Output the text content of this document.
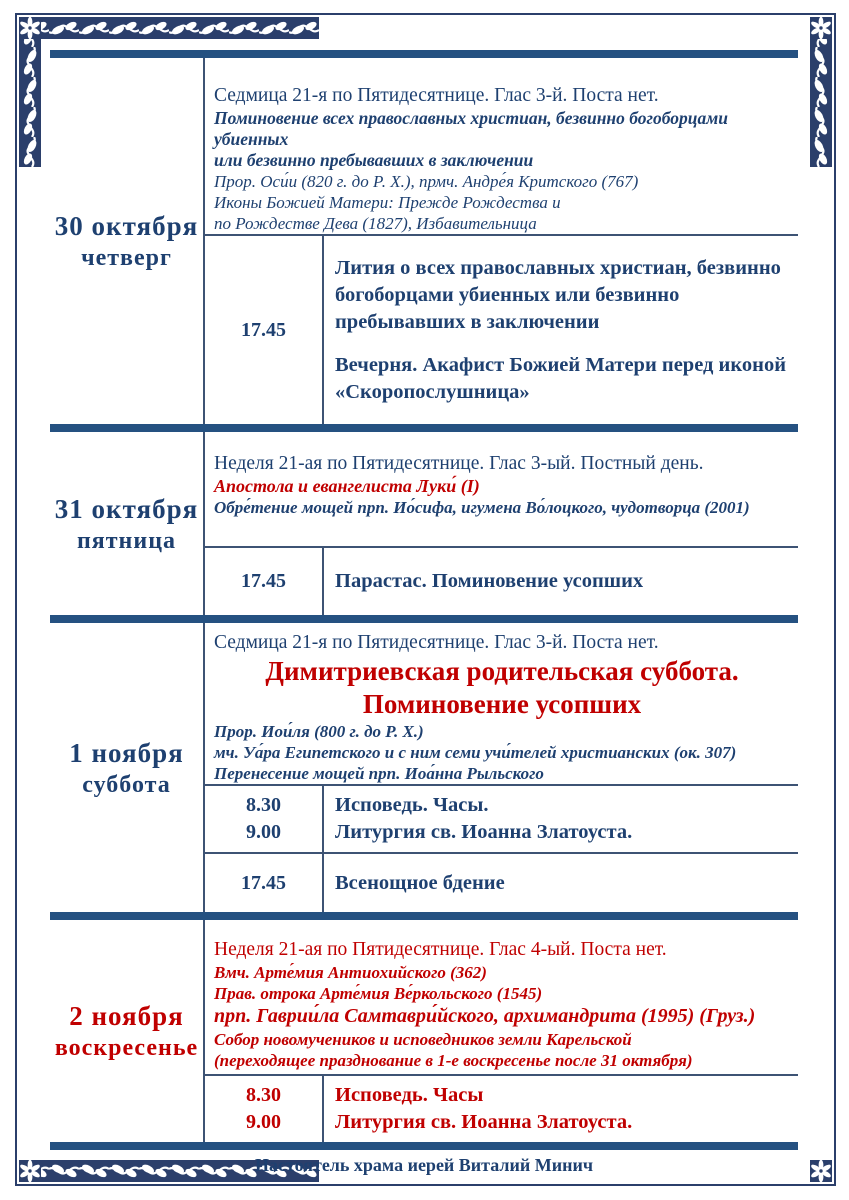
30 октября
четверг
Седмица 21-я по Пятидесятнице. Глас 3-й. Поста нет.
Поминовение всех православных христиан, безвинно богоборцами убиенных
или безвинно пребывавших в заключении
Прор. Оси́и (820 г. до Р. Х.), прмч. Андре́я Критского (767)
Иконы Божией Матери: Прежде Рождества и
по Рождестве Дева (1827), Избавительница
17.45
Лития о всех православных христиан, безвинно богоборцами убиенных или безвинно пребывавших в заключении
Вечерня. Акафист Божией Матери перед иконой «Скоропослушница»
31 октября
пятница
Неделя 21-ая по Пятидесятнице. Глас 3-ый. Постный день.
Апостола и евангелиста Луки́ (I)
Обре́тение мощей прп. Ио́сифа, игумена Во́лоцкого, чудотворца (2001)
17.45 Парастас. Поминовение усопших
1 ноября
суббота
Седмица 21-я по Пятидесятнице. Глас 3-й. Поста нет.
Димитриевская родительская суббота.
Поминовение усопших
Прор. Иои́ля (800 г. до Р. Х.)
мч. Уа́ра Египетского и с ним семи учи́телей христианских (ок. 307)
Перенесение мощей прп. Иоа́нна Рыльского
8.30
9.00
Исповедь. Часы.
Литургия св. Иоанна Златоуста.
17.45 Всенощное бдение
2 ноября
воскресенье
Неделя 21-ая по Пятидесятнице. Глас 4-ый. Поста нет.
Вмч. Арте́мия Антиохийского (362)
Прав. отрока Арте́мия Ве́ркольского (1545)
прп. Гаврии́ла Самтаври́йского, архимандрита (1995) (Груз.)
Собор новомучеников и исповедников земли Карельской
(переходящее празднование в 1-е воскресенье после 31 октября)
8.30
9.00
Исповедь. Часы
Литургия св. Иоанна Златоуста.
Настоятель храма иерей Виталий Минич
